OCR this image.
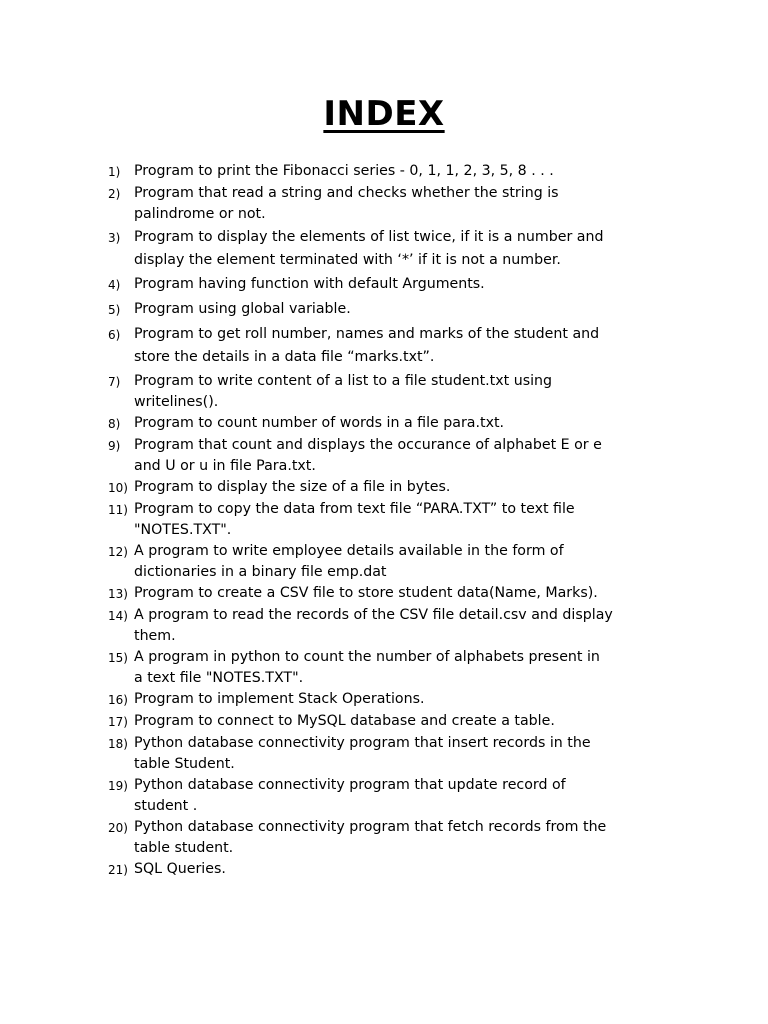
INDEX
1) Program to print the Fibonacci series - 0, 1, 1, 2, 3, 5, 8 . . .
2) Program that read a string and checks whether the string is
palindrome or not.
3) Program to display the elements of list twice, if it is a number and
display the element terminated with ‘*’ if it is not a number.
4) Program having function with default Arguments.
5) Program using global variable.
6) Program to get roll number, names and marks of the student and
store the details in a data file “marks.txt”.
7) Program to write content of a list to a file student.txt using
writelines().
8) Program to count number of words in a file para.txt.
9) Program that count and displays the occurance of alphabet E or e
and U or u in file Para.txt.
10) Program to display the size of a file in bytes.
11) Program to copy the data from text file “PARA.TXT” to text file
"NOTES.TXT".
12) A program to write employee details available in the form of
dictionaries in a binary file emp.dat
13) Program to create a CSV file to store student data(Name, Marks).
14) A program to read the records of the CSV file detail.csv and display
them.
15) A program in python to count the number of alphabets present in
a text file "NOTES.TXT".
16) Program to implement Stack Operations.
17) Program to connect to MySQL database and create a table.
18) Python database connectivity program that insert records in the
table Student.
19) Python database connectivity program that update record of
student .
20) Python database connectivity program that fetch records from the
table student.
21) SQL Queries.
